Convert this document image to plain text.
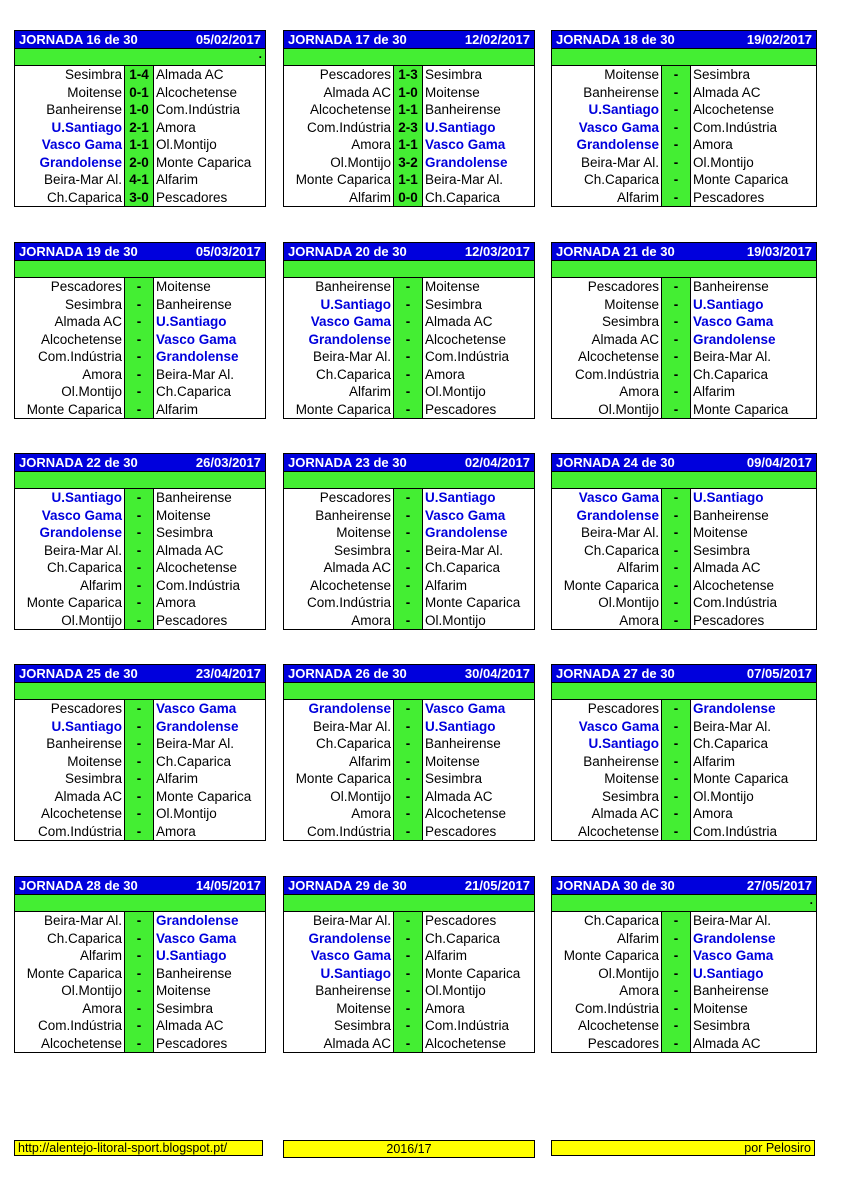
JORNADA 16 de 30	05/02/2017
.
Sesimbra 1-4 Almada AC
Moitense 0-1 Alcochetense
Banheirense 1-0 Com.Indústria
U.Santiago 2-1 Amora
Vasco Gama 1-1 Ol.Montijo
Grandolense 2-0 Monte Caparica
Beira-Mar Al. 4-1 Alfarim
Ch.Caparica 3-0 Pescadores
JORNADA 17 de 30	12/02/2017
Pescadores 1-3 Sesimbra
Almada AC 1-0 Moitense
Alcochetense 1-1 Banheirense
Com.Indústria 2-3 U.Santiago
Amora 1-1 Vasco Gama
Ol.Montijo 3-2 Grandolense
Monte Caparica 1-1 Beira-Mar Al.
Alfarim 0-0 Ch.Caparica
JORNADA 18 de 30	19/02/2017
Moitense	-	Sesimbra
Banheirense	-	Almada AC
U.Santiago	-	Alcochetense
Vasco Gama	-	Com.Indústria
Grandolense	-	Amora
Beira-Mar Al.	-	Ol.Montijo
Ch.Caparica	-	Monte Caparica
Alfarim	-	Pescadores
JORNADA 19 de 30	05/03/2017
Pescadores	-	Moitense
Sesimbra	-	Banheirense
Almada AC	-	U.Santiago
Alcochetense	-	Vasco Gama
Com.Indústria	-	Grandolense
Amora	-	Beira-Mar Al.
Ol.Montijo	-	Ch.Caparica
Monte Caparica	-	Alfarim
JORNADA 20 de 30	12/03/2017
Banheirense	-	Moitense
U.Santiago	-	Sesimbra
Vasco Gama	-	Almada AC
Grandolense	-	Alcochetense
Beira-Mar Al.	-	Com.Indústria
Ch.Caparica	-	Amora
Alfarim	-	Ol.Montijo
Monte Caparica	-	Pescadores
JORNADA 21 de 30	19/03/2017
Pescadores	-	Banheirense
Moitense	-	U.Santiago
Sesimbra	-	Vasco Gama
Almada AC	-	Grandolense
Alcochetense	-	Beira-Mar Al.
Com.Indústria	-	Ch.Caparica
Amora	-	Alfarim
Ol.Montijo	-	Monte Caparica
JORNADA 22 de 30	26/03/2017
U.Santiago	-	Banheirense
Vasco Gama	-	Moitense
Grandolense	-	Sesimbra
Beira-Mar Al.	-	Almada AC
Ch.Caparica	-	Alcochetense
Alfarim	-	Com.Indústria
Monte Caparica	-	Amora
Ol.Montijo	-	Pescadores
JORNADA 23 de 30	02/04/2017
Pescadores	-	U.Santiago
Banheirense	-	Vasco Gama
Moitense	-	Grandolense
Sesimbra	-	Beira-Mar Al.
Almada AC	-	Ch.Caparica
Alcochetense	-	Alfarim
Com.Indústria	-	Monte Caparica
Amora	-	Ol.Montijo
JORNADA 24 de 30	09/04/2017
Vasco Gama	-	U.Santiago
Grandolense	-	Banheirense
Beira-Mar Al.	-	Moitense
Ch.Caparica	-	Sesimbra
Alfarim	-	Almada AC
Monte Caparica	-	Alcochetense
Ol.Montijo	-	Com.Indústria
Amora	-	Pescadores
JORNADA 25 de 30	23/04/2017
Pescadores	-	Vasco Gama
U.Santiago	-	Grandolense
Banheirense	-	Beira-Mar Al.
Moitense	-	Ch.Caparica
Sesimbra	-	Alfarim
Almada AC	-	Monte Caparica
Alcochetense	-	Ol.Montijo
Com.Indústria	-	Amora
JORNADA 26 de 30	30/04/2017
Grandolense	-	Vasco Gama
Beira-Mar Al.	-	U.Santiago
Ch.Caparica	-	Banheirense
Alfarim	-	Moitense
Monte Caparica	-	Sesimbra
Ol.Montijo	-	Almada AC
Amora	-	Alcochetense
Com.Indústria	-	Pescadores
JORNADA 27 de 30	07/05/2017
Pescadores	-	Grandolense
Vasco Gama	-	Beira-Mar Al.
U.Santiago	-	Ch.Caparica
Banheirense	-	Alfarim
Moitense	-	Monte Caparica
Sesimbra	-	Ol.Montijo
Almada AC	-	Amora
Alcochetense	-	Com.Indústria
JORNADA 28 de 30	14/05/2017
Beira-Mar Al.	-	Grandolense
Ch.Caparica	-	Vasco Gama
Alfarim	-	U.Santiago
Monte Caparica	-	Banheirense
Ol.Montijo	-	Moitense
Amora	-	Sesimbra
Com.Indústria	-	Almada AC
Alcochetense	-	Pescadores
JORNADA 29 de 30	21/05/2017
Beira-Mar Al.	-	Pescadores
Grandolense	-	Ch.Caparica
Vasco Gama	-	Alfarim
U.Santiago	-	Monte Caparica
Banheirense	-	Ol.Montijo
Moitense	-	Amora
Sesimbra	-	Com.Indústria
Almada AC	-	Alcochetense
JORNADA 30 de 30	27/05/2017
.
Ch.Caparica	-	Beira-Mar Al.
Alfarim	-	Grandolense
Monte Caparica	-	Vasco Gama
Ol.Montijo	-	U.Santiago
Amora	-	Banheirense
Com.Indústria	-	Moitense
Alcochetense	-	Sesimbra
Pescadores	-	Almada AC
http://alentejo-litoral-sport.blogspot.pt/	2016/17	por Pelosiro
